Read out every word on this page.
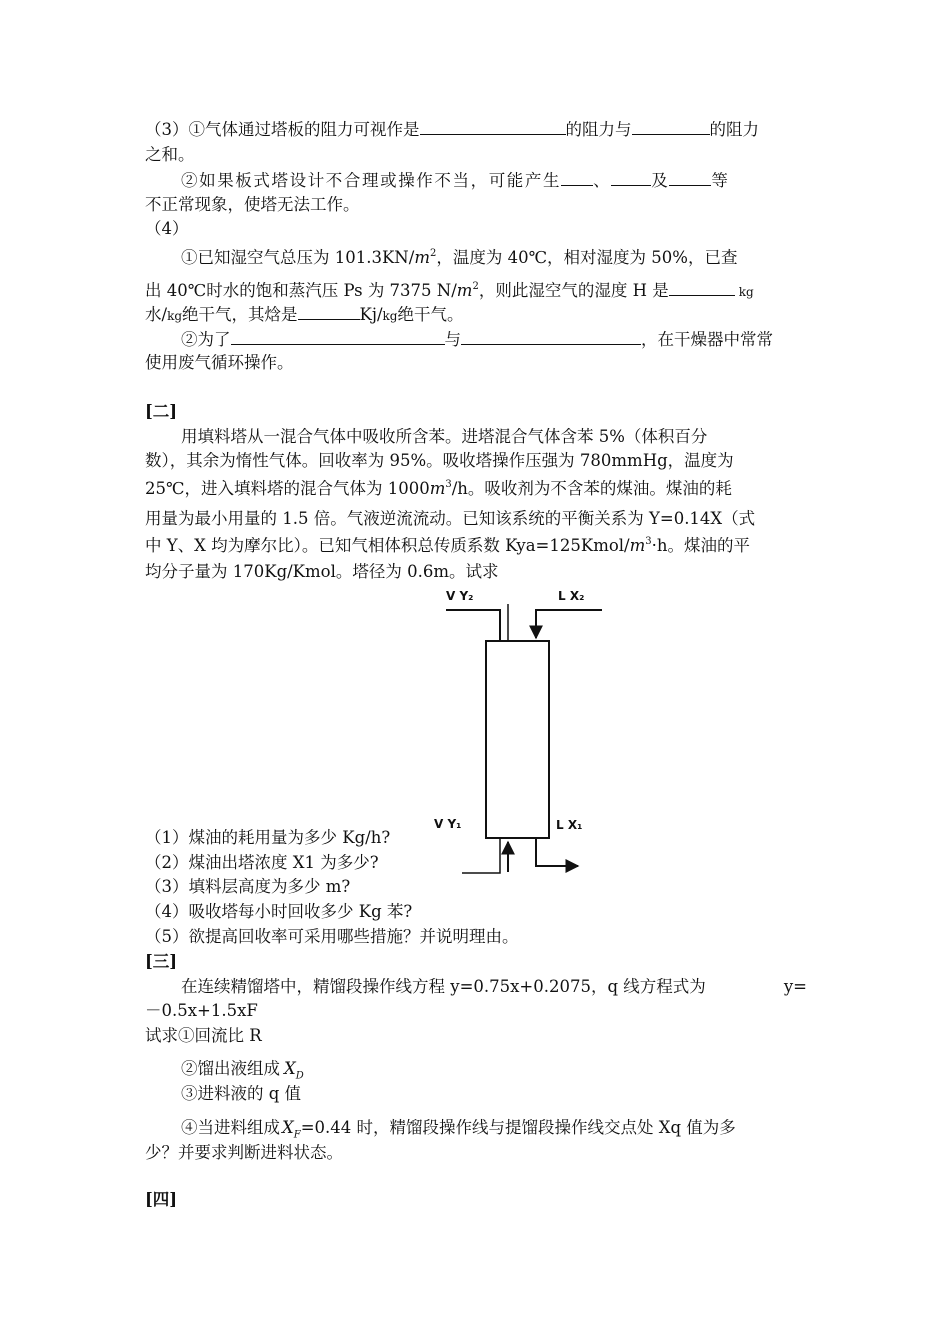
（3）①气体通过塔板的阻力可视作是	的阻力与	的阻力
之和。
②如果板式塔设计不合理或操作不当，可能产生 、 及	等
不正常现象，使塔无法工作。
（4）
①已知湿空气总压为 $101.3KN/m^2$，温度为 40℃，相对湿度为 50%，已查
出 40℃时水的饱和蒸汽压 Ps 为 7375 $N/m^2$，则此湿空气的湿度 H 是	kg
水/kg绝干气，其焓是	Kj/kg绝干气。
②为了	与	，在干燥器中常常
使用废气循环操作。
[二]
用填料塔从一混合气体中吸收所含苯。进塔混合气体含苯 5%（体积百分
数），其余为惰性气体。回收率为 95%。吸收塔操作压强为 780mmHg，温度为
25℃，进入填料塔的混合气体为 $1000m^3/h$。吸收剂为不含苯的煤油。煤油的耗
用量为最小用量的 1.5 倍。气液逆流流动。已知该系统的平衡关系为 Y=0.14X（式
中 Y、X 均为摩尔比）。已知气相体积总传质系数 $Kya=125Kmol/m^3\cdot h$。煤油的平
均分子量为 170Kg/Kmol。塔径为 0.6m。试求
（1）煤油的耗用量为多少 Kg/h?
（2）煤油出塔浓度 X1 为多少?
（3）填料层高度为多少 m?
（4）吸收塔每小时回收多少 Kg 苯?
（5）欲提高回收率可采用哪些措施？并说明理由。
[三]
在连续精馏塔中，精馏段操作线方程 y=0.75x+0.2075，q 线方程式为	y=
－0.5x+1.5xF
试求①回流比 R
②馏出液组成 $X_D$
③进料液的 q 值
④当进料组成 $X_F=0.44$ 时，精馏段操作线与提馏段操作线交点处 Xq 值为多
少？并要求判断进料状态。
[四]
V Y₂	L X₂
V Y₁	L X₁
